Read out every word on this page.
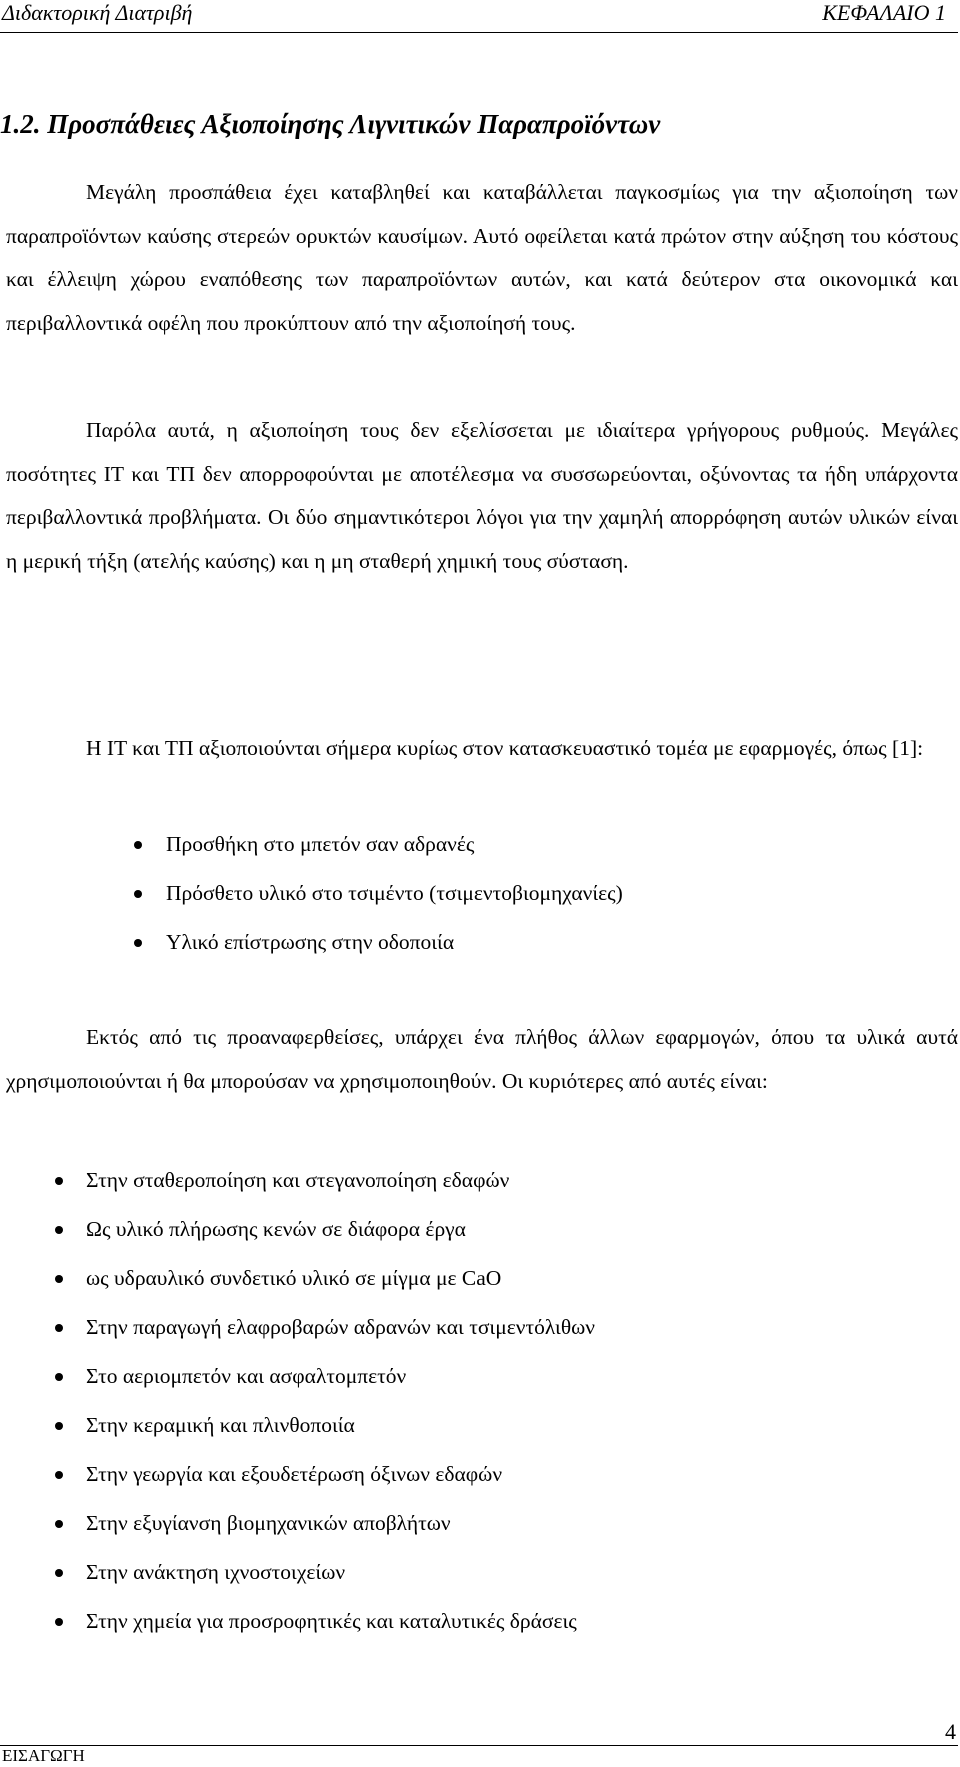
Διδακτορική Διατριβή	ΚΕΦΑΛΑΙΟ 1
1.2. Προσπάθειες Αξιοποίησης Λιγνιτικών Παραπροϊόντων

Μεγάλη προσπάθεια έχει καταβληθεί και καταβάλλεται παγκοσμίως για την αξιοποίηση των παραπροϊόντων καύσης στερεών ορυκτών καυσίμων. Αυτό οφείλεται κατά πρώτον στην αύξηση του κόστους και έλλειψη χώρου εναπόθεσης των παραπροϊόντων αυτών, και κατά δεύτερον στα οικονομικά και περιβαλλοντικά οφέλη που προκύπτουν από την αξιοποίησή τους.

Παρόλα αυτά, η αξιοποίηση τους δεν εξελίσσεται με ιδιαίτερα γρήγορους ρυθμούς. Μεγάλες ποσότητες ΙΤ και ΤΠ δεν απορροφούνται με αποτέλεσμα να συσσωρεύονται, οξύνοντας τα ήδη υπάρχοντα περιβαλλοντικά προβλήματα. Οι δύο σημαντικότεροι λόγοι για την χαμηλή απορρόφηση αυτών υλικών είναι η μερική τήξη (ατελής καύσης) και η μη σταθερή χημική τους σύσταση.

Η ΙΤ και ΤΠ αξιοποιούνται σήμερα κυρίως στον κατασκευαστικό τομέα με εφαρμογές, όπως [1]:

Προσθήκη στο μπετόν σαν αδρανές
Πρόσθετο υλικό στο τσιμέντο (τσιμεντοβιομηχανίες)
Υλικό επίστρωσης στην οδοποιία

Εκτός από τις προαναφερθείσες, υπάρχει ένα πλήθος άλλων εφαρμογών, όπου τα υλικά αυτά χρησιμοποιούνται ή θα μπορούσαν να χρησιμοποιηθούν. Οι κυριότερες από αυτές είναι:

Στην σταθεροποίηση και στεγανοποίηση εδαφών
Ως υλικό πλήρωσης κενών σε διάφορα έργα
ως υδραυλικό συνδετικό υλικό σε μίγμα με CaO
Στην παραγωγή ελαφροβαρών αδρανών και τσιμεντόλιθων
Στο αεριομπετόν και ασφαλτομπετόν
Στην κεραμική και πλινθοποιία
Στην γεωργία και εξουδετέρωση όξινων εδαφών
Στην εξυγίανση βιομηχανικών αποβλήτων
Στην ανάκτηση ιχνοστοιχείων
Στην χημεία για προσροφητικές και καταλυτικές δράσεις
4
ΕΙΣΑΓΩΓΗ
